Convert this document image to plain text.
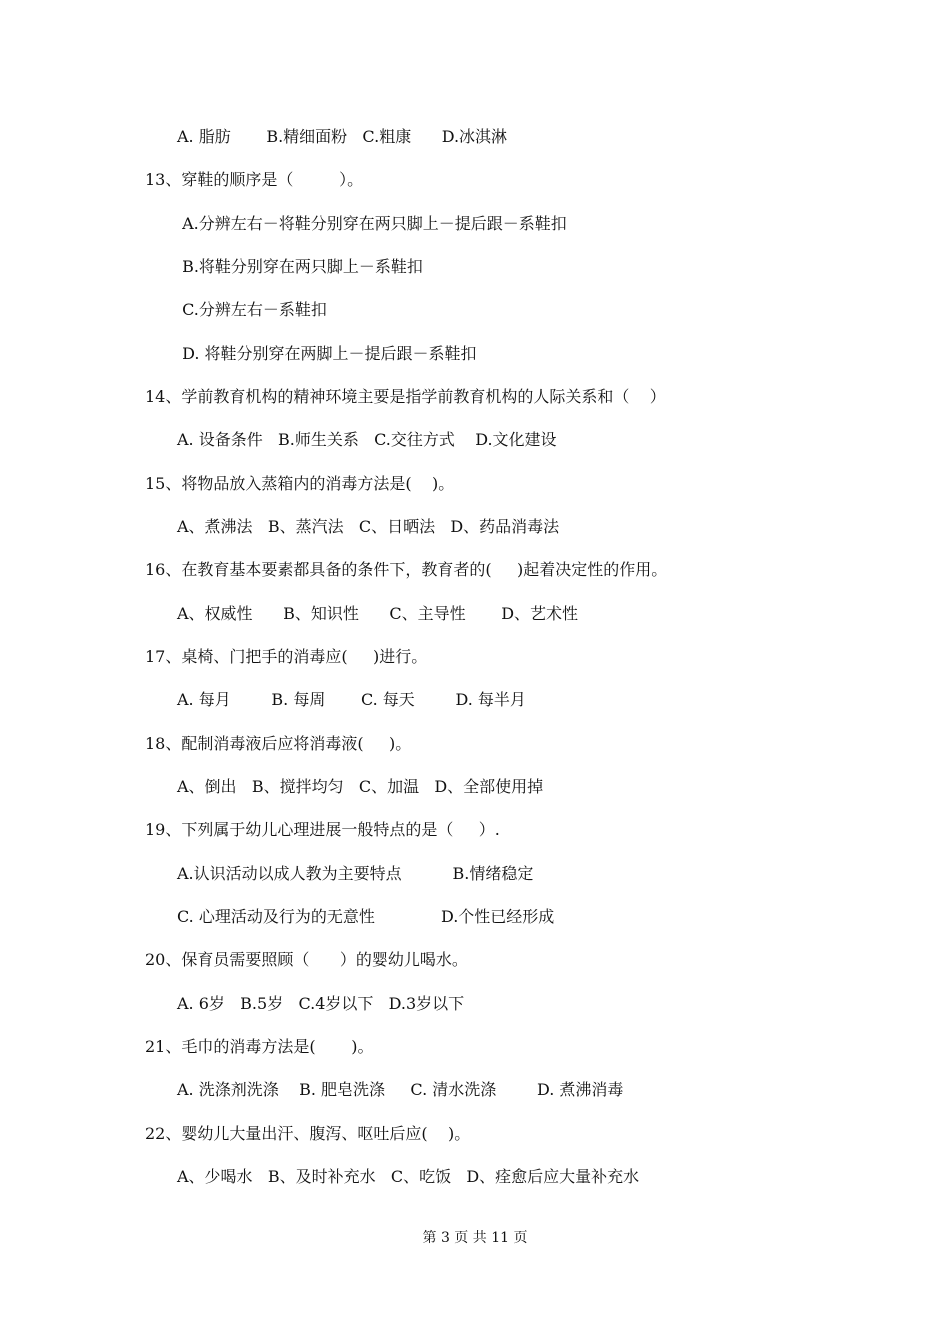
A. 脂肪       B.精细面粉   C.粗康      D.冰淇淋
13、穿鞋的顺序是（         ）。
A.分辨左右－将鞋分别穿在两只脚上－提后跟－系鞋扣
B.将鞋分别穿在两只脚上－系鞋扣
C.分辨左右－系鞋扣
D. 将鞋分别穿在两脚上－提后跟－系鞋扣
14、学前教育机构的精神环境主要是指学前教育机构的人际关系和（    ）
A. 设备条件   B.师生关系   C.交往方式    D.文化建设
15、将物品放入蒸箱内的消毒方法是(    )。
A、煮沸法   B、蒸汽法   C、日晒法   D、药品消毒法
16、在教育基本要素都具备的条件下，教育者的(     )起着决定性的作用。
A、权威性      B、知识性      C、主导性       D、艺术性
17、桌椅、门把手的消毒应(     )进行。
A. 每月        B. 每周       C. 每天        D. 每半月
18、配制消毒液后应将消毒液(     )。
A、倒出   B、搅拌均匀   C、加温   D、全部使用掉
19、下列属于幼儿心理进展一般特点的是（     ）.
A.认识活动以成人教为主要特点          B.情绪稳定
C. 心理活动及行为的无意性             D.个性已经形成
20、保育员需要照顾（      ）的婴幼儿喝水。
A. 6岁   B.5岁   C.4岁以下   D.3岁以下
21、毛巾的消毒方法是(       )。
A. 洗涤剂洗涤    B. 肥皂洗涤     C. 清水洗涤        D. 煮沸消毒
22、婴幼儿大量出汗、腹泻、呕吐后应(    )。
A、少喝水   B、及时补充水   C、吃饭   D、痊愈后应大量补充水
第 3 页 共 11 页
